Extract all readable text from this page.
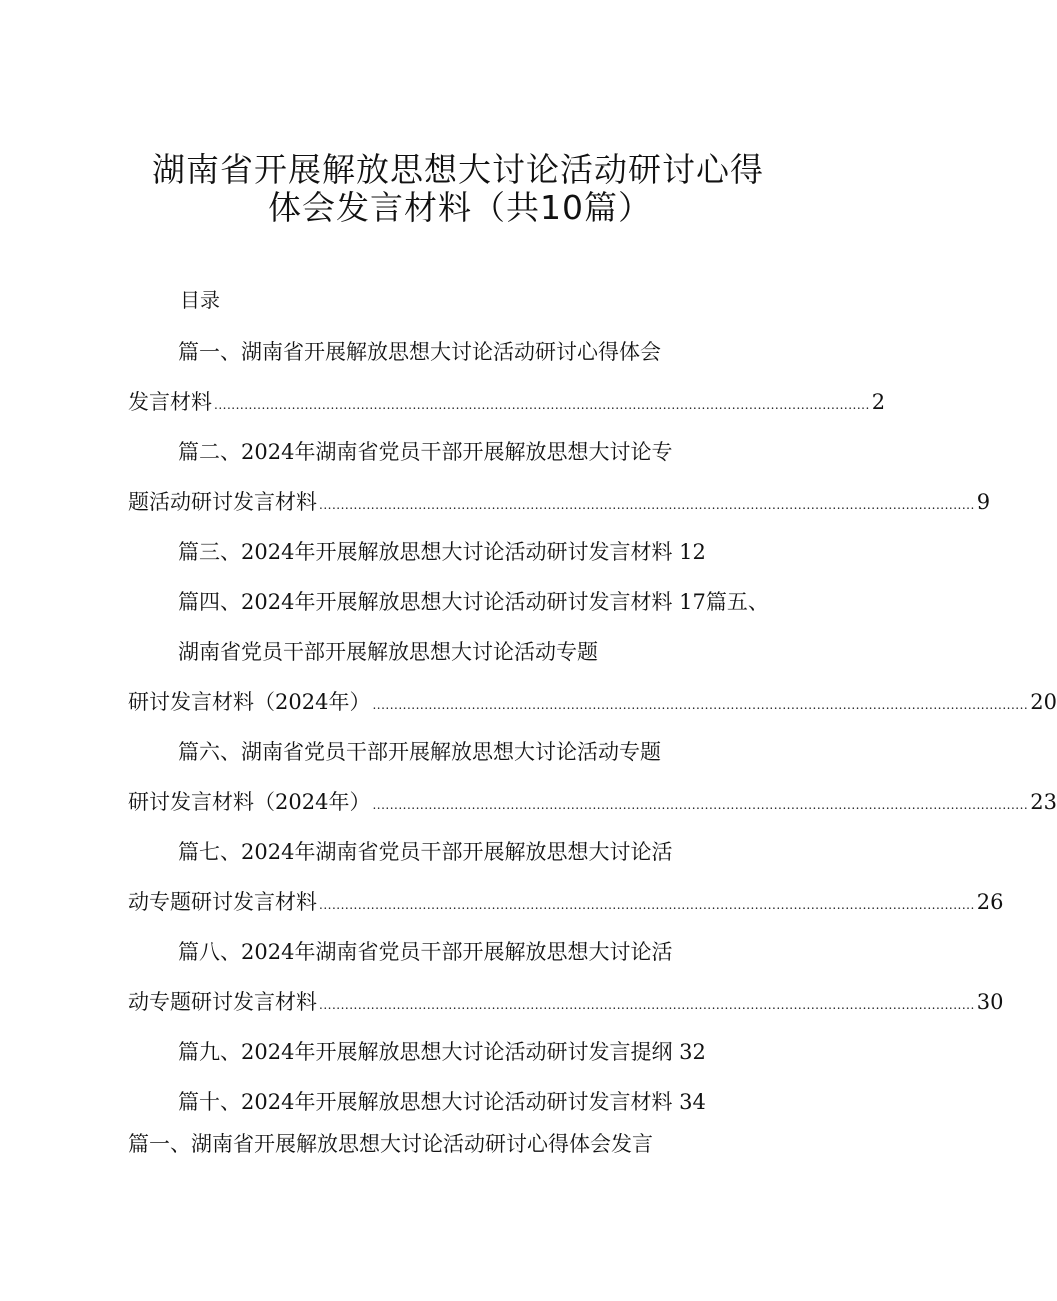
湖南省开展解放思想大讨论活动研讨心得
体会发言材料（共10篇）
目录
篇一、湖南省开展解放思想大讨论活动研讨心得体会
发言材料 ........................................................................................................................................................ 2
篇二、2024年湖南省党员干部开展解放思想大讨论专
题活动研讨发言材料 ........................................................................................................................................................ 9
篇三、2024年开展解放思想大讨论活动研讨发言材料 12
篇四、2024年开展解放思想大讨论活动研讨发言材料 17篇五、
湖南省党员干部开展解放思想大讨论活动专题
研讨发言材料（2024年） ........................................................................................................................................................ 20
篇六、湖南省党员干部开展解放思想大讨论活动专题
研讨发言材料（2024年） ........................................................................................................................................................ 23
篇七、2024年湖南省党员干部开展解放思想大讨论活
动专题研讨发言材料 ........................................................................................................................................................ 26
篇八、2024年湖南省党员干部开展解放思想大讨论活
动专题研讨发言材料 ........................................................................................................................................................ 30
篇九、2024年开展解放思想大讨论活动研讨发言提纲 32
篇十、2024年开展解放思想大讨论活动研讨发言材料 34
篇一、湖南省开展解放思想大讨论活动研讨心得体会发言
